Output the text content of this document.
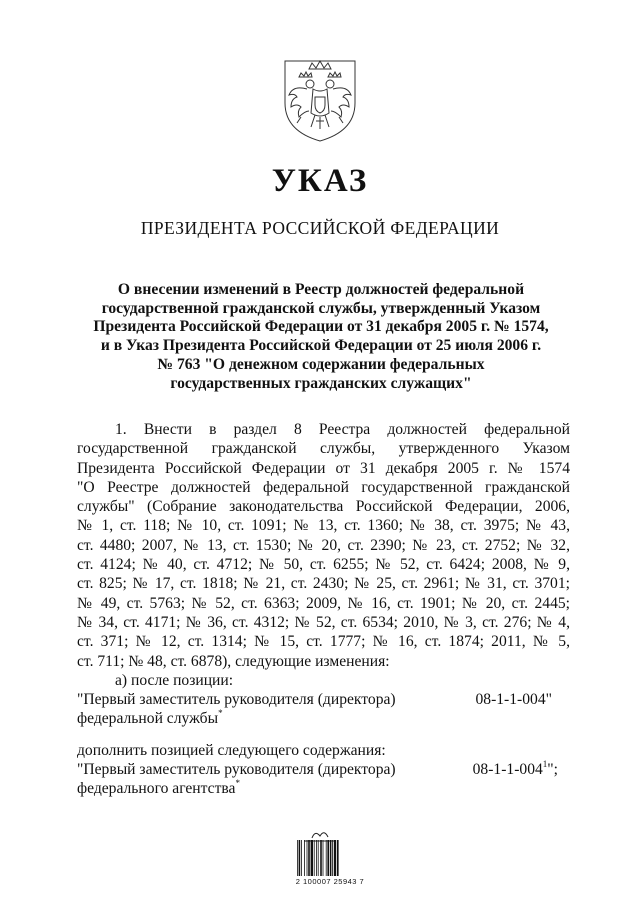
УКАЗ
ПРЕЗИДЕНТА РОССИЙСКОЙ ФЕДЕРАЦИИ
О внесении изменений в Реестр должностей федеральной
государственной гражданской службы, утвержденный Указом
Президента Российской Федерации от 31 декабря 2005 г. № 1574,
и в Указ Президента Российской Федерации от 25 июля 2006 г.
№ 763 "О денежном содержании федеральных
государственных гражданских служащих"
1. Внести в раздел 8 Реестра должностей федеральной
государственной гражданской службы, утвержденного Указом
Президента Российской Федерации от 31 декабря 2005 г. № 1574
"О Реестре должностей федеральной государственной гражданской
службы" (Собрание законодательства Российской Федерации, 2006,
№ 1, ст. 118; № 10, ст. 1091; № 13, ст. 1360; № 38, ст. 3975; № 43,
ст. 4480; 2007, № 13, ст. 1530; № 20, ст. 2390; № 23, ст. 2752; № 32,
ст. 4124; № 40, ст. 4712; № 50, ст. 6255; № 52, ст. 6424; 2008, № 9,
ст. 825; № 17, ст. 1818; № 21, ст. 2430; № 25, ст. 2961; № 31, ст. 3701;
№ 49, ст. 5763; № 52, ст. 6363; 2009, № 16, ст. 1901; № 20, ст. 2445;
№ 34, ст. 4171; № 36, ст. 4312; № 52, ст. 6534; 2010, № 3, ст. 276; № 4,
ст. 371; № 12, ст. 1314; № 15, ст. 1777; № 16, ст. 1874; 2011, № 5,
ст. 711; № 48, ст. 6878), следующие изменения:
а) после позиции:
"Первый заместитель руководителя (директора)	08-1-1-004"
федеральной службы*
дополнить позицией следующего содержания:
"Первый заместитель руководителя (директора)	$08-1-1-004^1$";
федерального агентства*
2 100007 25943 7
